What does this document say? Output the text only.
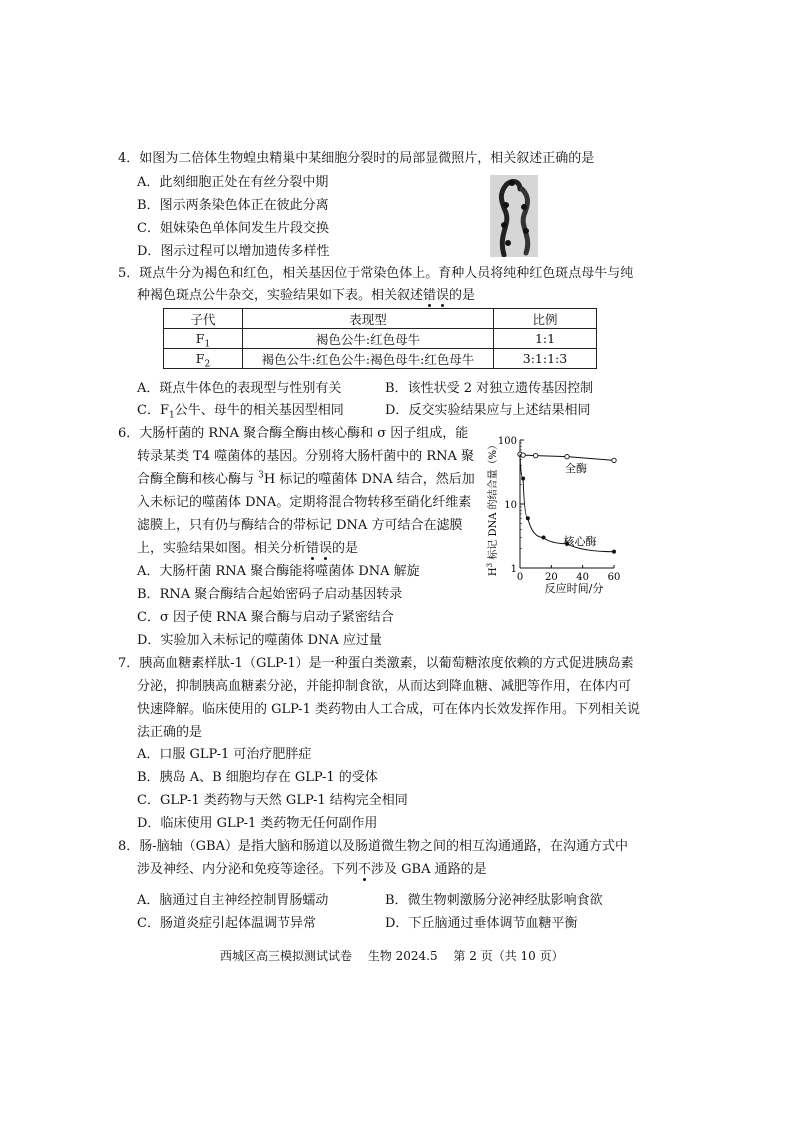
4．如图为二倍体生物蝗虫精巢中某细胞分裂时的局部显微照片，相关叙述正确的是
A．此刻细胞正处在有丝分裂中期
B．图示两条染色体正在彼此分离
C．姐妹染色单体间发生片段交换
D．图示过程可以增加遗传多样性
5．斑点牛分为褐色和红色，相关基因位于常染色体上。育种人员将纯种红色斑点母牛与纯
种褐色斑点公牛杂交，实验结果如下表。相关叙述错误的是
子代	表现型	比例
$F_1$	褐色公牛:红色母牛	1:1
$F_2$	褐色公牛:红色公牛:褐色母牛:红色母牛	3:1:1:3
A．斑点牛体色的表现型与性别有关	B．该性状受 2 对独立遗传基因控制
C．$F_1$公牛、母牛的相关基因型相同	D．反交实验结果应与上述结果相同
6．大肠杆菌的 RNA 聚合酶全酶由核心酶和 σ 因子组成，能
转录某类 T4 噬菌体的基因。分别将大肠杆菌中的 RNA 聚
合酶全酶和核心酶与 $^3$H 标记的噬菌体 DNA 结合，然后加
入未标记的噬菌体 DNA。定期将混合物转移至硝化纤维素
滤膜上，只有仍与酶结合的带标记 DNA 方可结合在滤膜
上，实验结果如图。相关分析错误的是
A．大肠杆菌 RNA 聚合酶能将噬菌体 DNA 解旋
B．RNA 聚合酶结合起始密码子启动基因转录
C．σ 因子使 RNA 聚合酶与启动子紧密结合
D．实验加入未标记的噬菌体 DNA 应过量
1
10
100
0 20 40 60
全酶
核心酶
$H^3$ 标记 DNA 的结合量（%）
反应时间/分
7．胰高血糖素样肽-1（GLP-1）是一种蛋白类激素，以葡萄糖浓度依赖的方式促进胰岛素
分泌，抑制胰高血糖素分泌，并能抑制食欲，从而达到降血糖、减肥等作用，在体内可
快速降解。临床使用的 GLP-1 类药物由人工合成，可在体内长效发挥作用。下列相关说
法正确的是
A．口服 GLP-1 可治疗肥胖症
B．胰岛 A、B 细胞均存在 GLP-1 的受体
C．GLP-1 类药物与天然 GLP-1 结构完全相同
D．临床使用 GLP-1 类药物无任何副作用
8．肠-脑轴（GBA）是指大脑和肠道以及肠道微生物之间的相互沟通通路，在沟通方式中
涉及神经、内分泌和免疫等途径。下列不涉及 GBA 通路的是
A．脑通过自主神经控制胃肠蠕动	B．微生物刺激肠分泌神经肽影响食欲
C．肠道炎症引起体温调节异常	D．下丘脑通过垂体调节血糖平衡
西城区高三模拟测试试卷　 生物 2024.5　 第 2 页（共 10 页）
